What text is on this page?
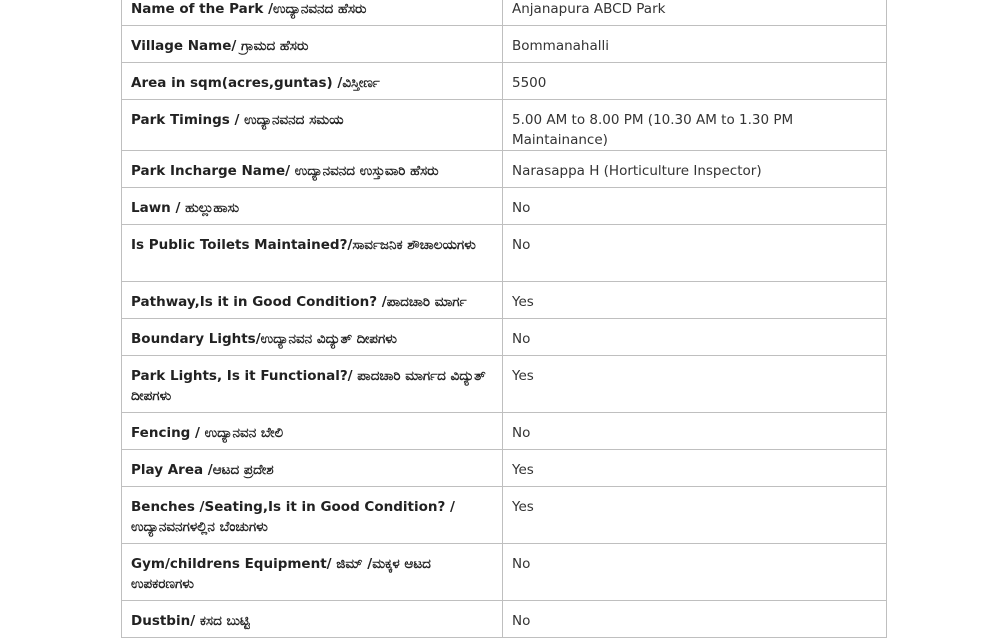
Name of the Park /ಉದ್ಯಾನವನದ ಹೆಸರು	Anjanapura ABCD Park
Village Name/ ಗ್ರಾಮದ ಹೆಸರು	Bommanahalli
Area in sqm(acres,guntas) /ವಿಸ್ತೀರ್ಣ	5500
Park Timings / ಉದ್ಯಾನವನದ ಸಮಯ	5.00 AM to 8.00 PM (10.30 AM to 1.30 PM Maintainance)
Park Incharge Name/ ಉದ್ಯಾನವನದ ಉಸ್ತುವಾರಿ ಹೆಸರು	Narasappa H (Horticulture Inspector)
Lawn / ಹುಲ್ಲುಹಾಸು	No
Is Public Toilets Maintained?/ಸಾರ್ವಜನಿಕ ಶೌಚಾಲಯಗಳು	No
Pathway,Is it in Good Condition? /ಪಾದಚಾರಿ ಮಾರ್ಗ	Yes
Boundary Lights/ಉದ್ಯಾನವನ ವಿದ್ಯುತ್ ದೀಪಗಳು	No
Park Lights, Is it Functional?/ ಪಾದಚಾರಿ ಮಾರ್ಗದ ವಿದ್ಯುತ್ ದೀಪಗಳು	Yes
Fencing / ಉದ್ಯಾನವನ ಬೇಲಿ	No
Play Area /ಆಟದ ಪ್ರದೇಶ	Yes
Benches /Seating,Is it in Good Condition? / ಉದ್ಯಾನವನಗಳಲ್ಲಿನ ಬೆಂಚುಗಳು	Yes
Gym/childrens Equipment/ ಜಿಮ್ /ಮಕ್ಕಳ ಆಟದ ಉಪಕರಣಗಳು	No
Dustbin/ ಕಸದ ಬುಟ್ಟಿ	No
